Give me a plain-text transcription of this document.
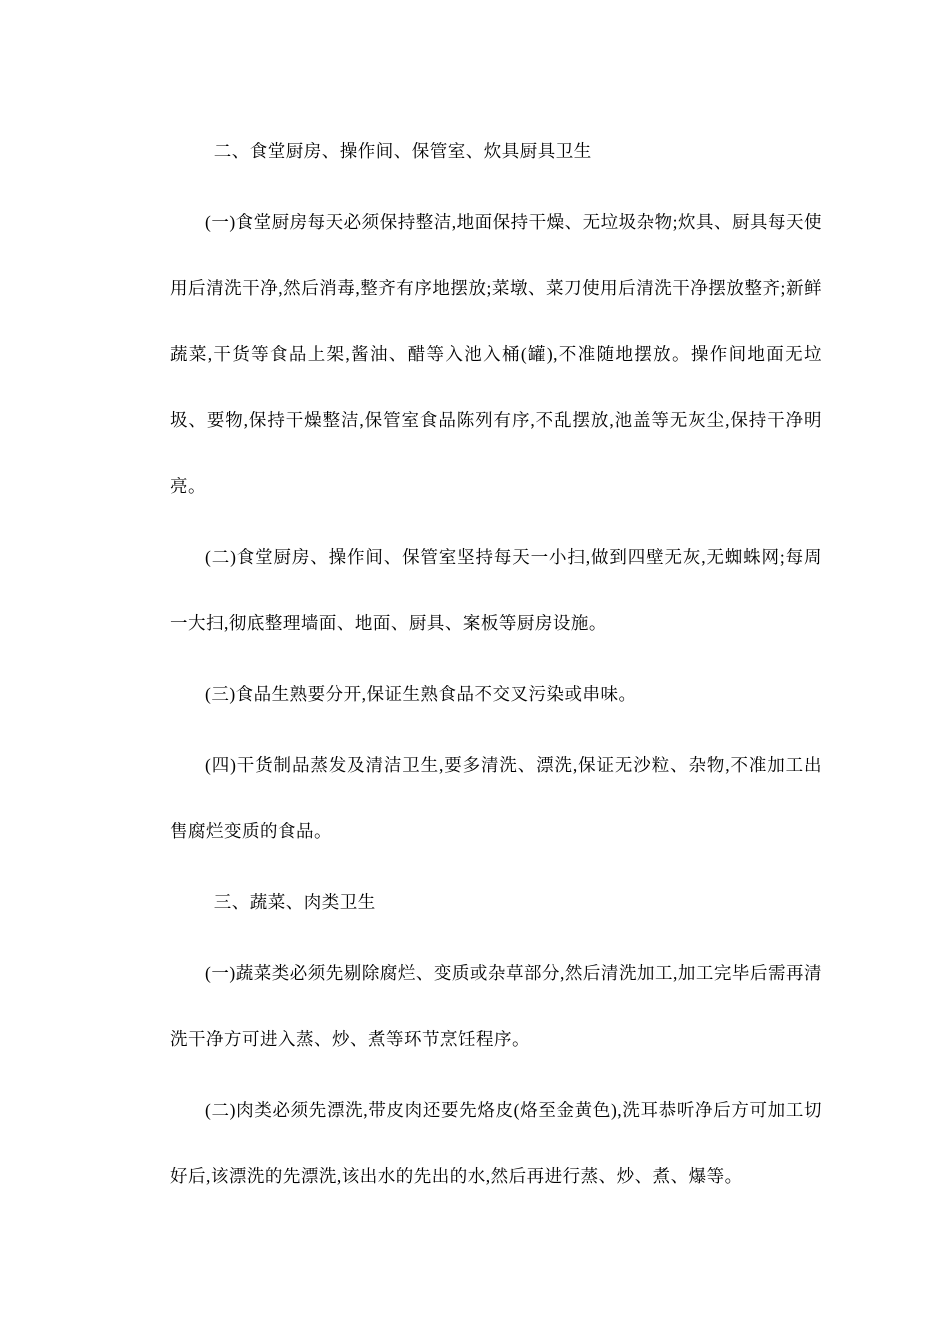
二、食堂厨房、操作间、保管室、炊具厨具卫生

(一)食堂厨房每天必须保持整洁,地面保持干燥、无垃圾杂物;炊具、厨具每天使用后清洗干净,然后消毒,整齐有序地摆放;菜墩、菜刀使用后清洗干净摆放整齐;新鲜蔬菜,干货等食品上架,酱油、醋等入池入桶(罐),不准随地摆放。操作间地面无垃圾、要物,保持干燥整洁,保管室食品陈列有序,不乱摆放,池盖等无灰尘,保持干净明亮。

(二)食堂厨房、操作间、保管室坚持每天一小扫,做到四壁无灰,无蜘蛛网;每周一大扫,彻底整理墙面、地面、厨具、案板等厨房设施。

(三)食品生熟要分开,保证生熟食品不交叉污染或串味。

(四)干货制品蒸发及清洁卫生,要多清洗、漂洗,保证无沙粒、杂物,不准加工出售腐烂变质的食品。

三、蔬菜、肉类卫生

(一)蔬菜类必须先剔除腐烂、变质或杂草部分,然后清洗加工,加工完毕后需再清洗干净方可进入蒸、炒、煮等环节烹饪程序。

(二)肉类必须先漂洗,带皮肉还要先烙皮(烙至金黄色),洗耳恭听净后方可加工切好后,该漂洗的先漂洗,该出水的先出的水,然后再进行蒸、炒、煮、爆等。
